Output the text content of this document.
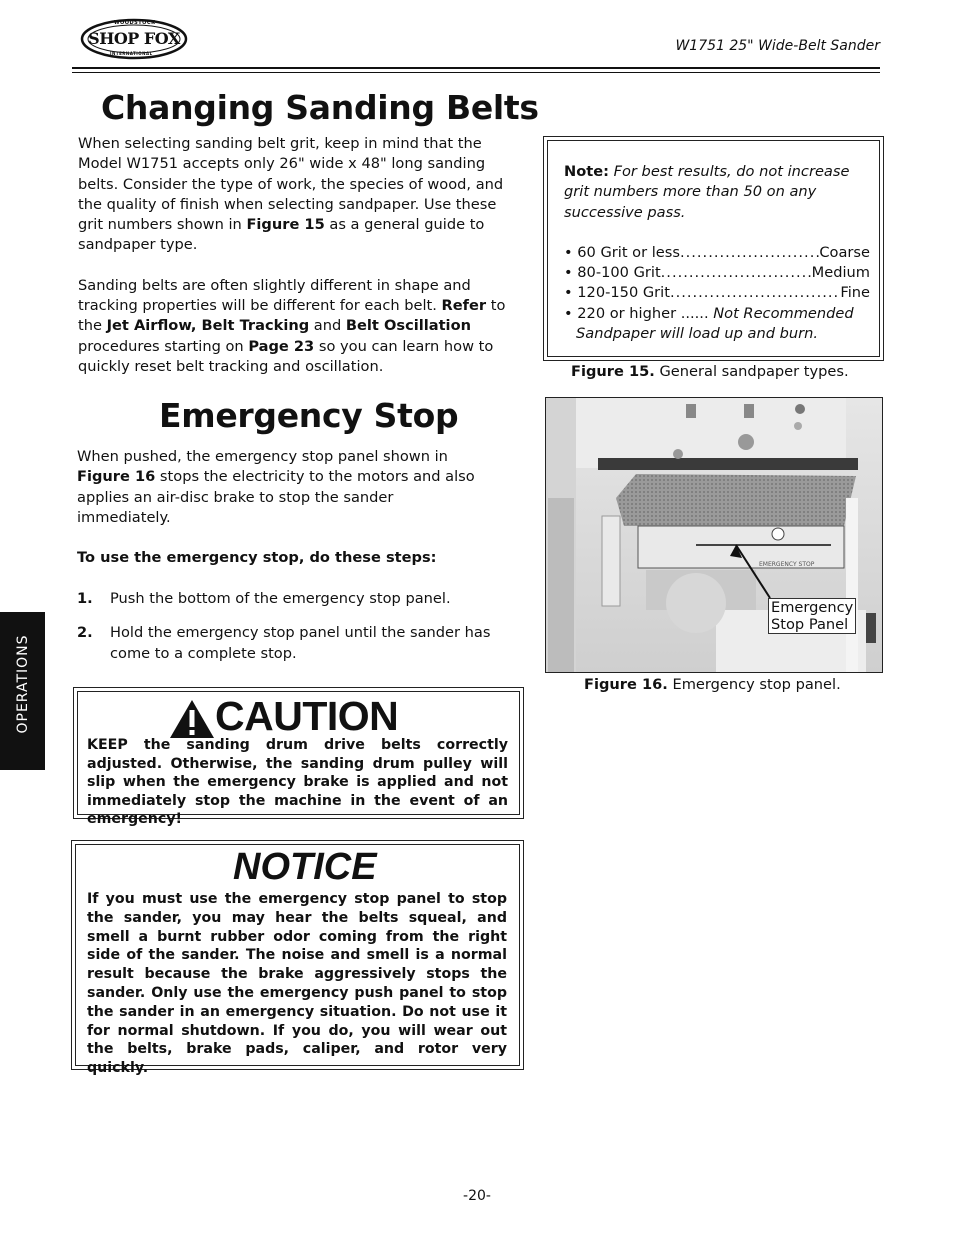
WOODSTOCK
SHOP FOX
INTERNATIONAL	W1751 25" Wide-Belt Sander
OPERATIONS
Changing Sanding Belts

When selecting sanding belt grit, keep in mind that the Model W1751 accepts only 26" wide x 48" long sanding belts. Consider the type of work, the species of wood, and the quality of finish when selecting sandpaper. Use these grit numbers shown in Figure 15 as a general guide to sandpaper type.

Sanding belts are often slightly different in shape and tracking properties will be different for each belt. Refer to the Jet Airflow, Belt Tracking and Belt Oscillation procedures starting on Page 23 so you can learn how to quickly reset belt tracking and oscillation.

Note: For best results, do not increase grit numbers more than 50 on any successive pass.
• 60 Grit or less .....	Coarse
• 80-100 Grit .....	Medium
• 120-150 Grit .....	Fine
• 220 or higher ...... Not Recommended
Sandpaper will load up and burn.
Figure 15. General sandpaper types.
Emergency Stop

When pushed, the emergency stop panel shown in Figure 16 stops the electricity to the motors and also applies an air-disc brake to stop the sander immediately.

To use the emergency stop, do these steps:

1. Push the bottom of the emergency stop panel.
2.	Hold the emergency stop panel until the sander has come to a complete stop.
EMERGENCY STOP
Emergency
Stop Panel
Figure 16. Emergency stop panel.
CAUTION
KEEP the sanding drum drive belts correctly adjusted. Otherwise, the sanding drum pulley will slip when the emergency brake is applied and not immediately stop the machine in the event of an emergency!
NOTICE
If you must use the emergency stop panel to stop the sander, you may hear the belts squeal, and smell a burnt rubber odor coming from the right side of the sander. The noise and smell is a normal result because the brake aggressively stops the sander. Only use the emergency push panel to stop the sander in an emergency situation. Do not use it for normal shutdown. If you do, you will wear out the belts, brake pads, caliper, and rotor very quickly.
-20-
